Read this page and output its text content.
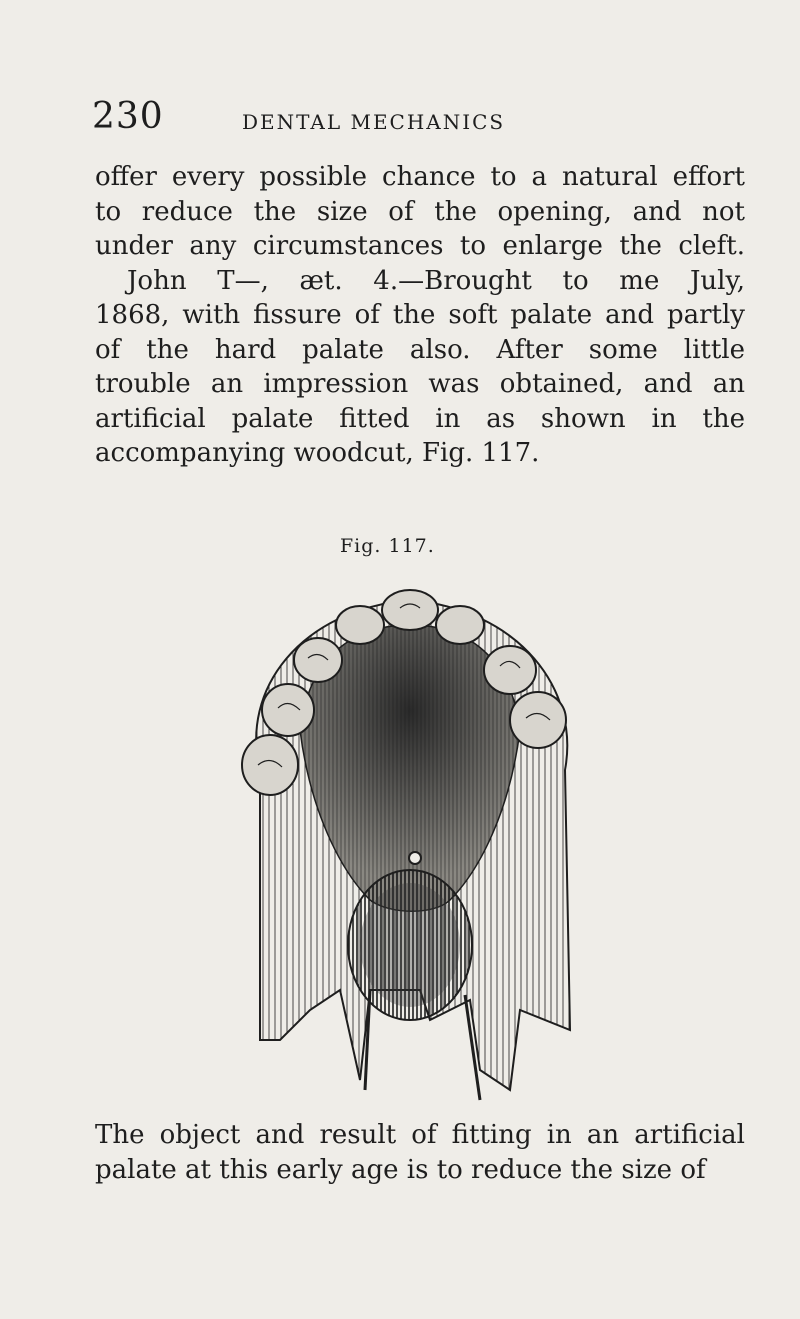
230	DENTAL MECHANICS
offer every possible chance to a natural effort
to reduce the size of the opening, and not
under any circumstances to enlarge the cleft.
John T—, æt. 4.—Brought to me July,
1868, with fissure of the soft palate and partly
of the hard palate also. After some little
trouble an impression was obtained, and an
artificial palate fitted in as shown in the
accompanying woodcut, Fig. 117.
Fig. 117.
The object and result of fitting in an artificial
palate at this early age is to reduce the size of
